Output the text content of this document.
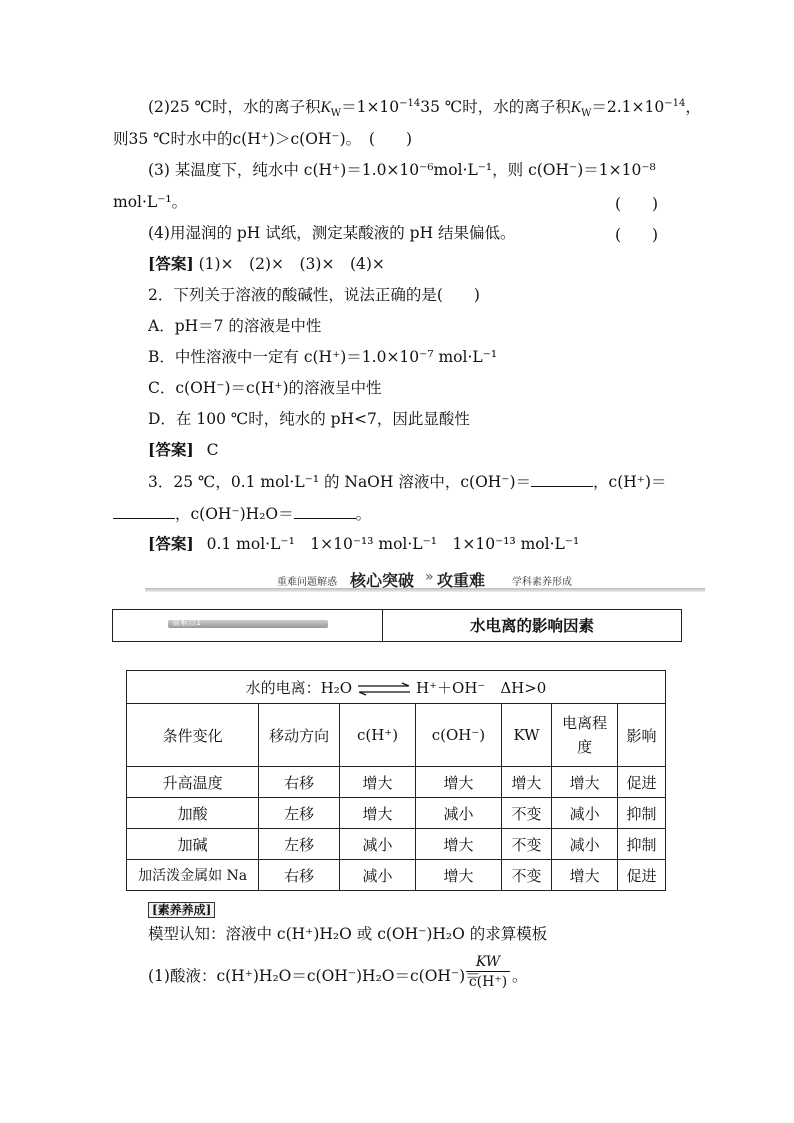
(2)25 ℃时，水的离子积$K_W=1\times 10^{-14}35$ ℃时，水的离子积$K_W=2.1\times 10^{-14}$，
则35 ℃时水中的c(H⁺)＞c(OH⁻)。　(　　)
(3) 某温度下，纯水中 c(H⁺)＝1.0×10⁻⁶mol·L⁻¹，则 c(OH⁻)＝1×10⁻⁸
mol·L⁻¹。	(　　)
(4)用湿润的 pH 试纸，测定某酸液的 pH 结果偏低。	(　　)
[答案] (1)×　(2)×　(3)×　(4)×
2．下列关于溶液的酸碱性，说法正确的是(　　)
A．pH＝7 的溶液是中性
B．中性溶液中一定有 c(H⁺)＝1.0×10⁻⁷ mol·L⁻¹
C．c(OH⁻)＝c(H⁺)的溶液呈中性
D．在 100 ℃时，纯水的 pH<7，因此显酸性
[答案] C
3．25 ℃，0.1 mol·L⁻¹ 的 NaOH 溶液中，c(OH⁻)＝	，c(H⁺)＝
，c(OH⁻)H₂O＝	。
[答案] 0.1 mol·L⁻¹　1×10⁻¹³ mol·L⁻¹　1×10⁻¹³ mol·L⁻¹
重难问题解惑 核心突破 » 攻重难	学科素养形成
重难点1	水电离的影响因素
水的电离：H₂O ⇌ H⁺＋OH⁻　ΔH>0						
条件变化	移动方向	c(H⁺)	c(OH⁻)	KW	电离程度	影响
升高温度	右移	增大	增大	增大	增大	促进
加酸	左移	增大	减小	不变	减小	抑制
加碱	左移	减小	增大	不变	减小	抑制
加活泼金属如 Na	右移	减小	增大	不变	增大	促进
[素养养成]
模型认知：溶液中 c(H⁺)H₂O 或 c(OH⁻)H₂O 的求算模板
(1)酸液：c(H⁺)H₂O＝c(OH⁻)H₂O＝c(OH⁻)＝
$\frac{KW}{c(H^+)}$ 。
